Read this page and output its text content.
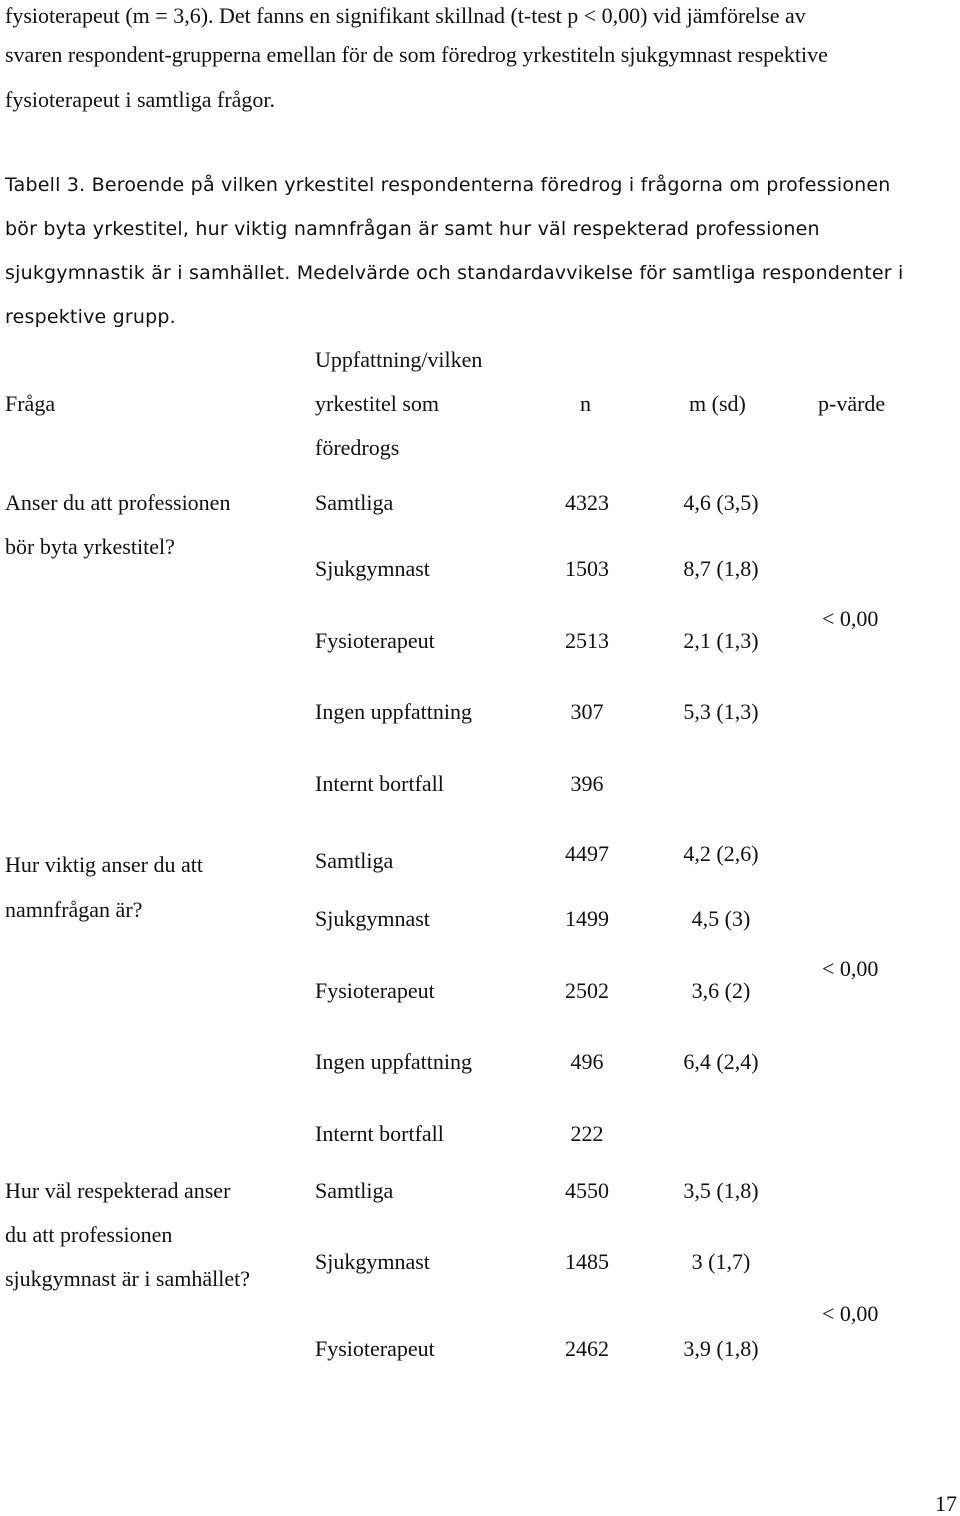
fysioterapeut (m = 3,6). Det fanns en signifikant skillnad (t-test p < 0,00) vid jämförelse av
svaren respondent-grupperna emellan för de som föredrog yrkestiteln sjukgymnast respektive
fysioterapeut i samtliga frågor.
Tabell 3. Beroende på vilken yrkestitel respondenterna föredrog i frågorna om professionen
bör byta yrkestitel, hur viktig namnfrågan är samt hur väl respekterad professionen
sjukgymnastik är i samhället. Medelvärde och standardavvikelse för samtliga respondenter i
respektive grupp.
Uppfattning/vilken
Fråga	yrkestitel som	n	m (sd)	p-värde
föredrogs
Anser du att professionen
bör byta yrkestitel?
Samtliga	4323	4,6 (3,5)
Sjukgymnast	1503	8,7 (1,8)
Fysioterapeut	2513	2,1 (1,3)
Ingen uppfattning	307	5,3 (1,3)
Internt bortfall	396
< 0,00
Hur viktig anser du att
namnfrågan är?
Samtliga	4497	4,2 (2,6)
Sjukgymnast	1499	4,5 (3)
Fysioterapeut	2502	3,6 (2)
Ingen uppfattning	496	6,4 (2,4)
Internt bortfall	222
< 0,00
Hur väl respekterad anser
du att professionen
sjukgymnast är i samhället?
Samtliga	4550	3,5 (1,8)
Sjukgymnast	1485	3 (1,7)
Fysioterapeut	2462	3,9 (1,8)
< 0,00
17
